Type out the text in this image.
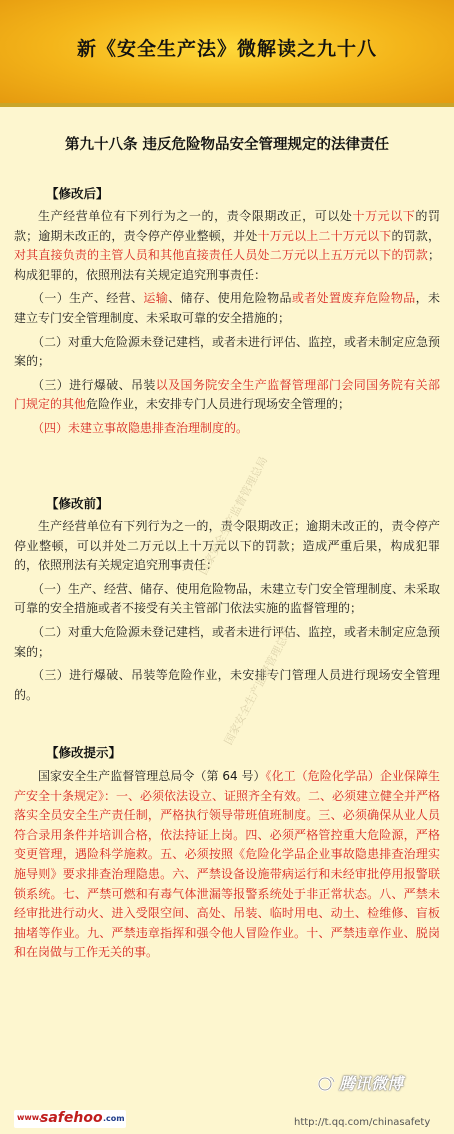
新《安全生产法》微解读之九十八
第九十八条 违反危险物品安全管理规定的法律责任
【修改后】

生产经营单位有下列行为之一的，责令限期改正，可以处十万元以下的罚款；逾期未改正的，责令停产停业整顿，并处十万元以上二十万元以下的罚款，对其直接负责的主管人员和其他直接责任人员处二万元以上五万元以下的罚款；构成犯罪的，依照刑法有关规定追究刑事责任：

（一）生产、经营、运输、储存、使用危险物品或者处置废弃危险物品，未建立专门安全管理制度、未采取可靠的安全措施的；

（二）对重大危险源未登记建档，或者未进行评估、监控，或者未制定应急预案的；

（三）进行爆破、吊装以及国务院安全生产监督管理部门会同国务院有关部门规定的其他危险作业，未安排专门人员进行现场安全管理的；

（四）未建立事故隐患排查治理制度的。

【修改前】

生产经营单位有下列行为之一的，责令限期改正；逾期未改正的，责令停产停业整顿，可以并处二万元以上十万元以下的罚款；造成严重后果，构成犯罪的，依照刑法有关规定追究刑事责任：

（一）生产、经营、储存、使用危险物品，未建立专门安全管理制度、未采取可靠的安全措施或者不接受有关主管部门依法实施的监督管理的；

（二）对重大危险源未登记建档，或者未进行评估、监控，或者未制定应急预案的；

（三）进行爆破、吊装等危险作业，未安排专门管理人员进行现场安全管理的。

【修改提示】

国家安全生产监督管理总局令（第 64 号）《化工（危险化学品）企业保障生产安全十条规定》：一、必须依法设立、证照齐全有效。二、必须建立健全并严格落实全员安全生产责任制，严格执行领导带班值班制度。三、必须确保从业人员符合录用条件并培训合格，依法持证上岗。四、必须严格管控重大危险源，严格变更管理，遇险科学施救。五、必须按照《危险化学品企业事故隐患排查治理实施导则》要求排查治理隐患。六、严禁设备设施带病运行和未经审批停用报警联锁系统。七、严禁可燃和有毒气体泄漏等报警系统处于非正常状态。八、严禁未经审批进行动火、进入受限空间、高处、吊装、临时用电、动土、检维修、盲板抽堵等作业。九、严禁违章指挥和强令他人冒险作业。十、严禁违章作业、脱岗和在岗做与工作无关的事。

国家安全生产监督管理总局
国家安全生产监督管理总局
www.
safehoo .com
腾讯微博
http://t.qq.com/chinasafety
